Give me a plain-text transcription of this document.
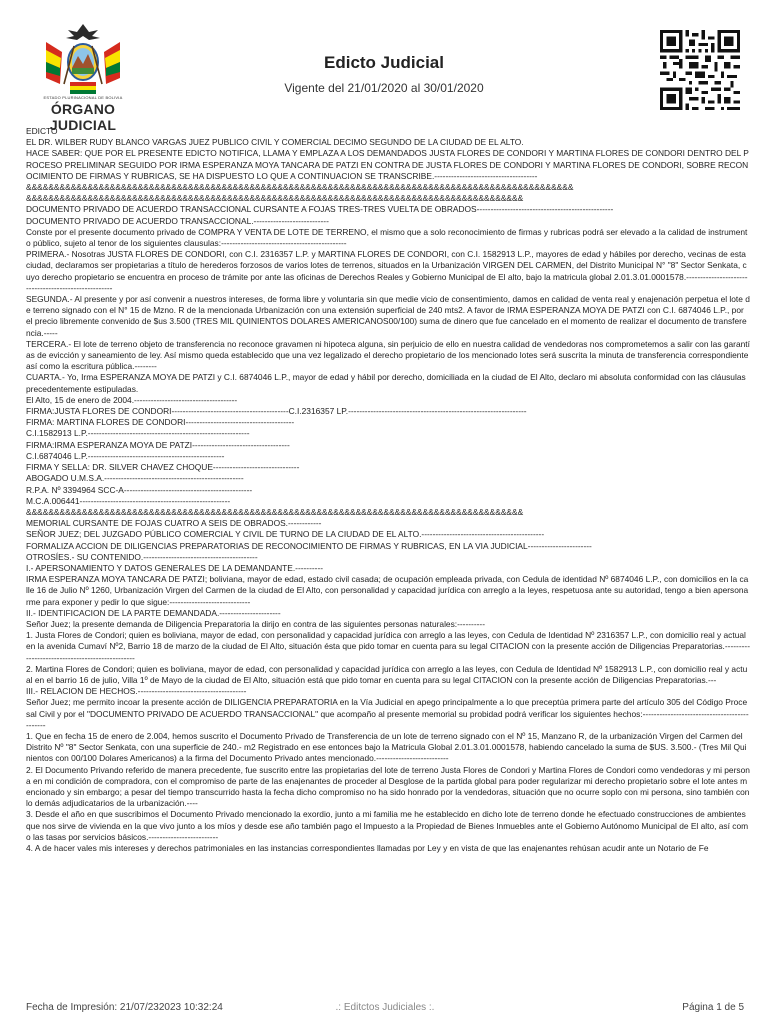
ESTADO PLURINACIONAL DE BOLIVIA
ÓRGANO JUDICIAL
Edicto Judicial
Vigente del 21/01/2020 al 30/01/2020

EDICTO

EL DR. WILBER RUDY BLANCO VARGAS JUEZ PUBLICO CIVIL Y COMERCIAL DECIMO SEGUNDO DE LA CIUDAD DE EL ALTO.

HACE SABER: QUE POR EL PRESENTE EDICTO NOTIFICA, LLAMA Y EMPLAZA A LOS DEMANDADOS JUSTA FLORES DE CONDORI Y MARTINA FLORES DE CONDORI DENTRO DEL PROCESO PRELIMINAR SEGUIDO POR IRMA ESPERANZA MOYA TANCARA DE PATZI EN CONTRA DE JUSTA FLORES DE CONDORI Y MARTINA FLORES DE CONDORI, SOBRE RECONOCIMIENTO DE FIRMAS Y RUBRICAS, SE HA DISPUESTO LO QUE A CONTINUACION SE TRANSCRIBE.-------------------------------------

&&&&&&&&&&&&&&&&&&&&&&&&&&&&&&&&&&&&&&&&&&&&&&&&&&&&&&&&&&&&&&&&&&&&&&&&&&&&&&&&&&&&&&&&&&&&&&&&&&

&&&&&&&&&&&&&&&&&&&&&&&&&&&&&&&&&&&&&&&&&&&&&&&&&&&&&&&&&&&&&&&&&&&&&&&&&&&&&&&&&&&&&&&&&

DOCUMENTO PRIVADO DE ACUERDO TRANSACCIONAL CURSANTE A FOJAS TRES-TRES VUELTA DE OBRADOS-------------------------------------------------

DOCUMENTO PRIVADO DE ACUERDO TRANSACCIONAL.---------------------------

Conste por el presente documento privado de COMPRA Y VENTA DE LOTE DE TERRENO, el mismo que a solo reconocimiento de firmas y rubricas podrá ser elevado a la calidad de instrumento público, sujeto al tenor de los siguientes clausulas:---------------------------------------------

PRIMERA.- Nosotras JUSTA FLORES DE CONDORI, con C.I. 2316357 L.P. y MARTINA FLORES DE CONDORI, con C.I. 1582913 L.P., mayores de edad y hábiles por derecho, vecinas de esta ciudad, declaramos ser propietarias a título de herederos forzosos de varios lotes de terrenos, situados en la Urbanización VIRGEN DEL CARMEN, del Distrito Municipal N° "8" Sector Senkata, cuyo derecho propietario se encuentra en proceso de trámite por ante las oficinas de Derechos Reales y Gobierno Municipal de El alto, bajo la matricula global 2.01.3.01.0001578.-----------------------------------------------------

SEGUNDA.- Al presente y por así convenir a nuestros intereses, de forma libre y voluntaria sin que medie vicio de consentimiento, damos en calidad de venta real y enajenación perpetua el lote de terreno signado con el N° 15 de Mzno. R de la mencionada Urbanización con una extensión superficial de 240 mts2. A favor de IRMA ESPERANZA MOYA DE PATZI con C.I. 6874046 L.P., por el precio libremente convenido de $us 3.500 (TRES MIL QUINIENTOS DOLARES AMERICANOS00/100) suma de dinero que fue cancelado en el momento de realizar el documento de transferencia.-----

TERCERA.- El lote de terreno objeto de transferencia no reconoce gravamen ni hipoteca alguna, sin perjuicio de ello en nuestra calidad de vendedoras nos comprometemos a salir con las garantías de evicción y saneamiento de ley. Así mismo queda establecido que una vez legalizado el derecho propietario de los mencionado lotes será suscrita la minuta de transferencia correspondiente así como la escritura pública.--------

CUARTA.- Yo, Irma ESPERANZA MOYA DE PATZI y C.I. 6874046 L.P., mayor de edad y hábil por derecho, domiciliada en la ciudad de El Alto, declaro mi absoluta conformidad con las cláusulas precedentemente estipuladas.

El Alto, 15 de enero de 2004.-------------------------------------

FIRMA:JUSTA FLORES DE CONDORI------------------------------------------C.I.2316357 LP.----------------------------------------------------------------

FIRMA: MARTINA FLORES DE CONDORI---------------------------------------

C.I.1582913 L.P.----------------------------------------------------------

FIRMA:IRMA ESPERANZA MOYA DE PATZI-----------------------------------

C.I.6874046 L.P.-------------------------------------------------

FIRMA Y SELLA: DR. SILVER CHAVEZ CHOQUE-------------------------------

ABOGADO U.M.S.A.--------------------------------------------------

R.P.A. Nº 3394964 SCC-A----------------------------------------------

M.C.A.006441------------------------------------------------------

&&&&&&&&&&&&&&&&&&&&&&&&&&&&&&&&&&&&&&&&&&&&&&&&&&&&&&&&&&&&&&&&&&&&&&&&&&&&&&&&&&&&&&&&&

MEMORIAL CURSANTE DE FOJAS CUATRO A SEIS DE OBRADOS.------------

SEÑOR JUEZ; DEL JUZGADO PÚBLICO COMERCIAL Y CIVIL DE TURNO DE LA CIUDAD DE EL ALTO.--------------------------------------------

FORMALIZA ACCION DE DILIGENCIAS PREPARATORIAS DE RECONOCIMIENTO DE FIRMAS Y RUBRICAS, EN LA VIA JUDICIAL-----------------------

OTROSÍES.- SU CONTENIDO.-----------------------------------------

I.- APERSONAMIENTO Y DATOS GENERALES DE LA DEMANDANTE.----------

IRMA ESPERANZA MOYA TANCARA DE PATZI; boliviana, mayor de edad, estado civil casada; de ocupación empleada privada, con Cedula de identidad Nº 6874046 L.P., con domicilios en la calle 16 de Julio Nº 1260, Urbanización Virgen del Carmen de la ciudad de El Alto, con personalidad y capacidad jurídica con arreglo a la leyes, respetuosa ante su autoridad, tengo a bien apersonarme para exponer y pedir lo que sigue:-----------------------------

II.- IDENTIFICACION DE LA PARTE DEMANDADA.----------------------

Señor Juez; la presente demanda de Diligencia Preparatoria la dirijo en contra de las siguientes personas naturales:----------

1. Justa Flores de Condori; quien es boliviana, mayor de edad, con personalidad y capacidad jurídica con arreglo a las leyes, con Cedula de Identidad Nº 2316357 L.P., con domicilio real y actual en la avenida Cumaví Nº2, Barrio 18 de marzo de la ciudad de El Alto, situación ésta que pido tomar en cuenta para su legal CITACION con la presente acción de Diligencias Preparatorias.------------------------------------------------

2. Martina Flores de Condori; quien es boliviana, mayor de edad, con personalidad y capacidad jurídica con arreglo a las leyes, con Cedula de Identidad Nº 1582913 L.P., con domicilio real y actual en el barrio 16 de julio, Villa 1º de Mayo de la ciudad de El Alto, situación está que pido tomar en cuenta para su legal CITACION con la presente acción de Diligencias Preparatorias.---

III.- RELACION DE HECHOS.---------------------------------------

Señor Juez; me permito incoar la presente acción de DILIGENCIA PREPARATORIA en la Vía Judicial en apego principalmente a lo que preceptúa primera parte del artículo 305 del Código Procesal Civil y por el "DOCUMENTO PRIVADO DE ACUERDO TRANSACCIONAL" que acompaño al presente memorial su probidad podrá verificar los siguientes hechos:---------------------------------------------

1. Que en fecha 15 de enero de 2.004, hemos suscrito el Documento Privado de Transferencia de un lote de terreno signado con el Nº 15, Manzano R, de la urbanización Virgen del Carmen del Distrito Nº "8" Sector Senkata, con una superficie de 240.- m2 Registrado en ese entonces bajo la Matricula Global 2.01.3.01.0001578, habiendo cancelado la suma de $US. 3.500.- (Tres Mil Quinientos con 00/100 Dolares Americanos) a la firma del Documento Privado antes mencionado.--------------------------

2. El Documento Privando referido de manera precedente, fue suscrito entre las propietarias del lote de terreno Justa Flores de Condori y Martina Flores de Condori como vendedoras y mi persona en mi condición de compradora, con el compromiso de parte de las enajenantes de proceder al Desglose de la partida global para poder regularizar mi derecho propietario sobre el lote antes mencionado y sin embargo; a pesar del tiempo transcurrido hasta la fecha dicho compromiso no ha sido honrado por la vendedoras, situación que no ocurre soplo con mi persona, sino también con lo demás adjudicatarios de la urbanización.----

3. Desde el año en que suscribimos el Documento Privado mencionado la exordio, junto a mi familia me he establecido en dicho lote de terreno donde he efectuado construcciones de ambientes que nos sirve de vivienda en la que vivo junto a los míos y desde ese año también pago el Impuesto a la Propiedad de Bienes Inmuebles ante el Gobierno Autónomo Municipal de El alto, así como las tasas por servicios básicos.-------------------------

4. A de hacer vales mis intereses y derechos patrimoniales en las instancias correspondientes llamadas por Ley y en vista de que las enajenantes rehúsan acudir ante un Notario de Fe

.: Editctos Judiciales :.
Fecha de Impresión: 21/07/232023 10:32:24	Página 1 de 5
